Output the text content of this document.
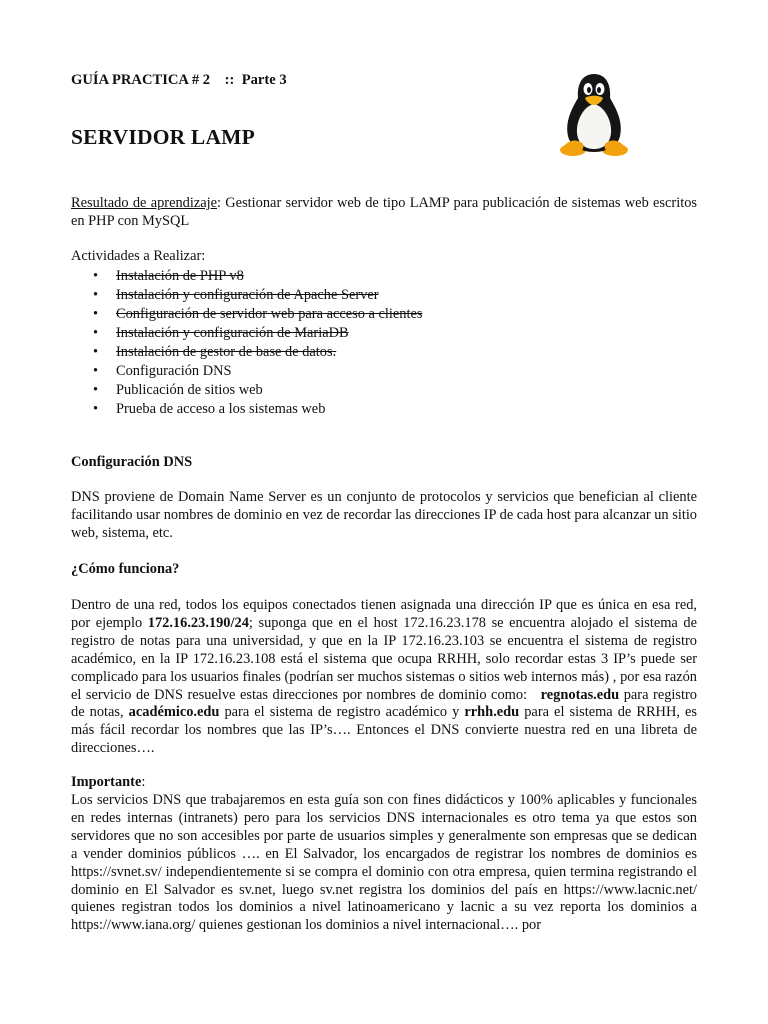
GUÍA PRACTICA # 2 :: Parte 3
SERVIDOR LAMP
Resultado de aprendizaje: Gestionar servidor web de tipo LAMP para publicación de sistemas web escritos en PHP con MySQL
Actividades a Realizar:
• Instalación de PHP v8
• Instalación y configuración de Apache Server
• Configuración de servidor web para acceso a clientes
• Instalación y configuración de MariaDB
• Instalación de gestor de base de datos.
• Configuración DNS
• Publicación de sitios web
• Prueba de acceso a los sistemas web
Configuración DNS
DNS proviene de Domain Name Server es un conjunto de protocolos y servicios que benefician al cliente facilitando usar nombres de dominio en vez de recordar las direcciones IP de cada host para alcanzar un sitio web, sistema, etc.
¿Cómo funciona?
Dentro de una red, todos los equipos conectados tienen asignada una dirección IP que es única en esa red, por ejemplo 172.16.23.190/24; suponga que en el host 172.16.23.178 se encuentra alojado el sistema de registro de notas para una universidad, y que en la IP 172.16.23.103 se encuentra el sistema de registro académico, en la IP 172.16.23.108 está el sistema que ocupa RRHH, solo recordar estas 3 IP’s puede ser complicado para los usuarios finales (podrían ser muchos sistemas o sitios web internos más) , por esa razón el servicio de DNS resuelve estas direcciones por nombres de dominio como: regnotas.edu para registro de notas, académico.edu para el sistema de registro académico y rrhh.edu para el sistema de RRHH, es más fácil recordar los nombres que las IP’s…. Entonces el DNS convierte nuestra red en una libreta de direcciones….
Importante:
Los servicios DNS que trabajaremos en esta guía son con fines didácticos y 100% aplicables y funcionales en redes internas (intranets) pero para los servicios DNS internacionales es otro tema ya que estos son servidores que no son accesibles por parte de usuarios simples y generalmente son empresas que se dedican a vender dominios públicos …. en El Salvador, los encargados de registrar los nombres de dominios es https://svnet.sv/ independientemente si se compra el dominio con otra empresa, quien termina registrando el dominio en El Salvador es sv.net, luego sv.net registra los dominios del país en https://www.lacnic.net/ quienes registran todos los dominios a nivel latinoamericano y lacnic a su vez reporta los dominios a https://www.iana.org/ quienes gestionan los dominios a nivel internacional…. por
